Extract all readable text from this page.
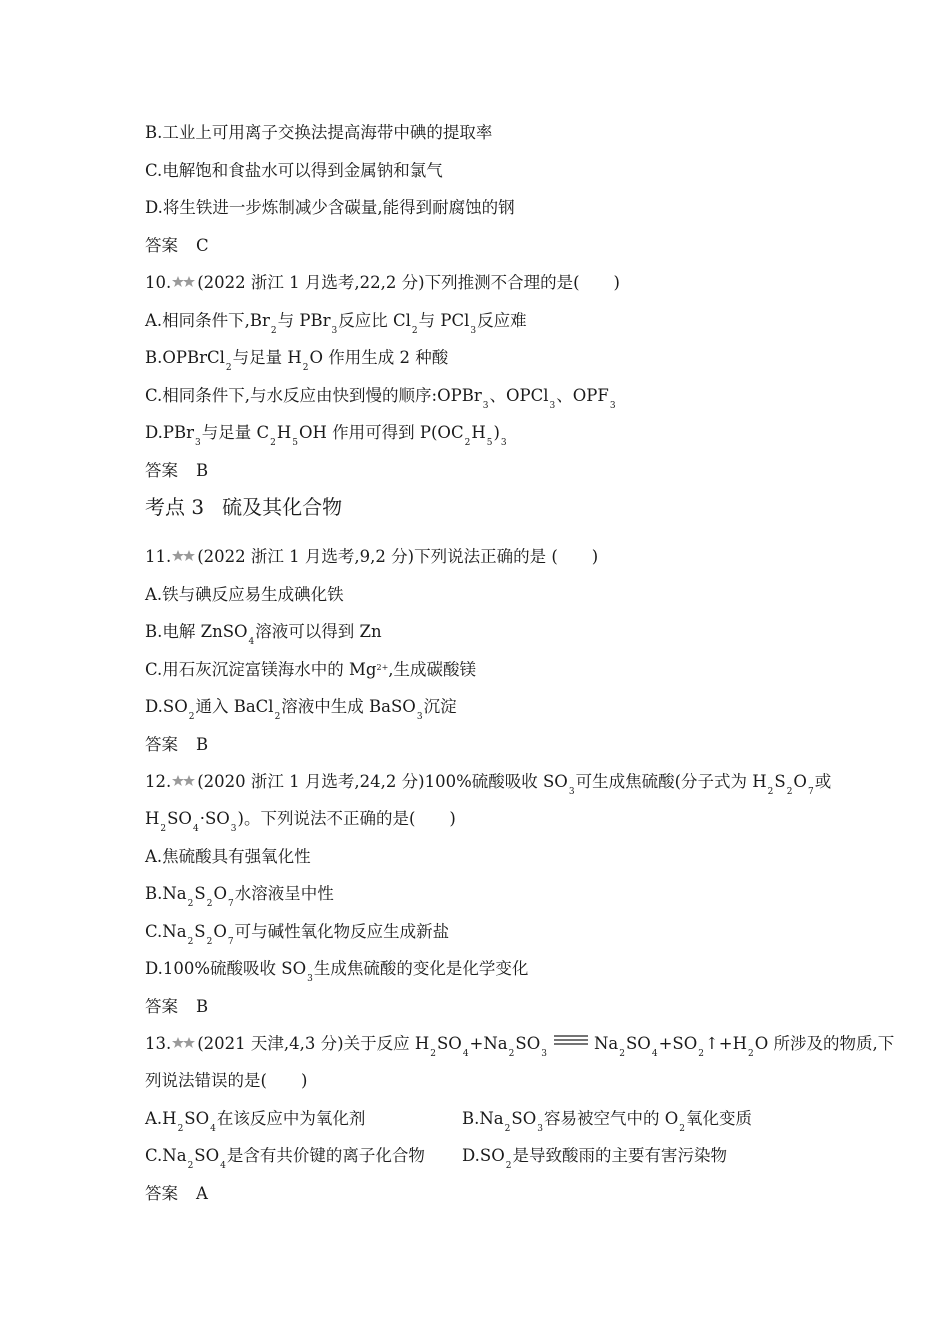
B.工业上可用离子交换法提高海带中碘的提取率
C.电解饱和食盐水可以得到金属钠和氯气
D.将生铁进一步炼制减少含碳量,能得到耐腐蚀的钢
答案 C
10. (2022 浙江 1 月选考,22,2 分)下列推测不合理的是( )
A.相同条件下$,Br_2$与 PBr$_3$反应比 $Cl_2$与 PCl$_3$反应难
B.OPBrCl$_2$与足量 $H_2O$ 作用生成 2 种酸
C.相同条件下,与水反应由快到慢的顺序:OPBr$_3$、OPCl$_3$、$OPF_3$
D.PBr$_3$与足量 $C_2H_5OH$ 作用可得到 $P(OC_2H_5)_3$
答案 B
考点 3 硫及其化合物
11. (2022 浙江 1 月选考,9,2 分)下列说法正确的是 ( )
A.铁与碘反应易生成碘化铁
B.电解 ZnSO$_4$溶液可以得到 Zn
C.用石灰沉淀富镁海水中的 $Mg^{2+}$,生成碳酸镁
$D.SO_2$通入 BaCl$_2$溶液中生成 BaSO$_3$沉淀
答案 B
12. (2020 浙江 1 月选考,24,2 分)100%硫酸吸收 $SO_3$可生成焦硫酸(分子式为 $H_2S_2O_7$或
$H_2SO_4\cdot SO_3$)。下列说法不正确的是( )
A.焦硫酸具有强氧化性
$B.Na_2S_2O_7$水溶液呈中性
$C.Na_2S_2O_7$可与碱性氧化物反应生成新盐
D.100%硫酸吸收 $SO_3$生成焦硫酸的变化是化学变化
答案 B
13. (2021 天津,4,3 分)关于反应 $H_2SO_4+Na_2SO_3Na_2SO_4+SO_2↑+H_2O$ 所涉及的物质,下
列说法错误的是( )
$A.H_2SO_4$在该反应中为氧化剂	$B.Na_2SO_3$容易被空气中的 $O_2$氧化变质
$C.Na_2SO_4$是含有共价键的离子化合物 $D.SO_2$是导致酸雨的主要有害污染物
答案 A
